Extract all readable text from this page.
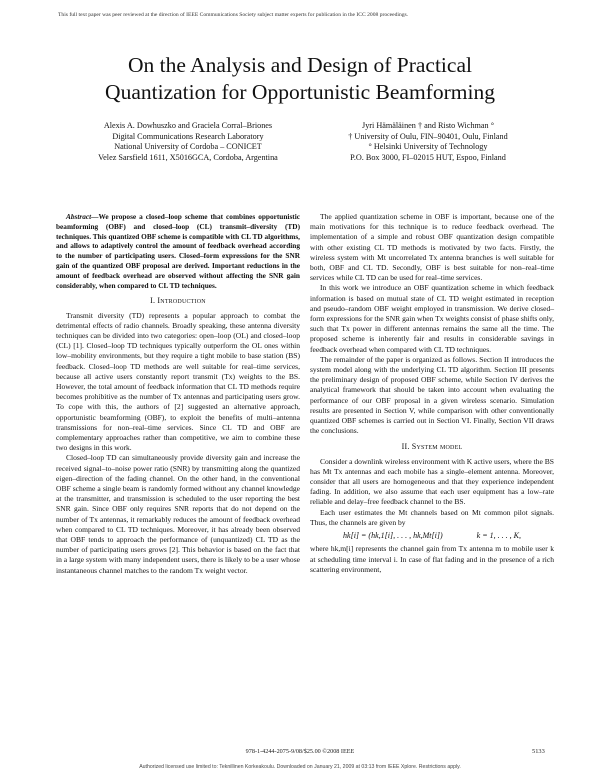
This full text paper was peer reviewed at the direction of IEEE Communications Society subject matter experts for publication in the ICC 2008 proceedings.
On the Analysis and Design of Practical
Quantization for Opportunistic Beamforming
Alexis A. Dowhuszko and Graciela Corral–Briones
Digital Communications Research Laboratory
National University of Cordoba – CONICET
Velez Sarsfield 1611, X5016GCA, Cordoba, Argentina
Jyri Hämäläinen † and Risto Wichman °
† University of Oulu, FIN–90401, Oulu, Finland
° Helsinki University of Technology
P.O. Box 3000, FI–02015 HUT, Espoo, Finland

Abstract—We propose a closed–loop scheme that combines opportunistic beamforming (OBF) and closed–loop (CL) transmit–diversity (TD) techniques. This quantized OBF scheme is compatible with CL TD algorithms, and allows to adaptively control the amount of feedback overhead according to the number of participating users. Closed–form expressions for the SNR gain of the quantized OBF proposal are derived. Important reductions in the amount of feedback overhead are observed without affecting the SNR gain considerably, when compared to CL TD techniques.

I. Introduction

Transmit diversity (TD) represents a popular approach to combat the detrimental effects of radio channels. Broadly speaking, these antenna diversity techniques can be divided into two categories: open–loop (OL) and closed–loop (CL) [1]. Closed–loop TD techniques typically outperform the OL ones within low–mobility environments, but they require a tight mobile to base station (BS) feedback. Closed–loop TD methods are well suitable for real–time services, because all active users constantly report transmit (Tx) weights to the BS. However, the total amount of feedback information that CL TD methods require becomes prohibitive as the number of Tx antennas and participating users grow. To cope with this, the authors of [2] suggested an alternative approach, opportunistic beamforming (OBF), to exploit the benefits of multi–antenna transmissions for non–real–time services. Since CL TD and OBF are complementary approaches rather than competitive, we aim to combine these two designs in this work.

Closed–loop TD can simultaneously provide diversity gain and increase the received signal–to–noise power ratio (SNR) by transmitting along the quantized eigen–direction of the fading channel. On the other hand, in the conventional OBF scheme a single beam is randomly formed without any channel knowledge at the transmitter, and transmission is scheduled to the user reporting the best SNR gain. Since OBF only requires SNR reports that do not depend on the number of Tx antennas, it remarkably reduces the amount of feedback overhead when compared to CL TD techniques. Moreover, it has already been observed that OBF tends to approach the performance of (unquantized) CL TD as the number of participating users grows [2]. This behavior is based on the fact that in a large system with many independent users, there is likely to be a user whose instantaneous channel matches to the random Tx weight vector.

The applied quantization scheme in OBF is important, because one of the main motivations for this technique is to reduce feedback overhead. The implementation of a simple and robust OBF quantization design compatible with other existing CL TD methods is motivated by two facts. Firstly, the wireless system with Mt uncorrelated Tx antenna branches is well suitable for both, OBF and CL TD. Secondly, OBF is best suitable for non–real–time services while CL TD can be used for real–time services.

In this work we introduce an OBF quantization scheme in which feedback information is based on mutual state of CL TD weight estimated in reception and pseudo–random OBF weight employed in transmission. We derive closed–form expressions for the SNR gain when Tx weights consist of phase shifts only, such that Tx power in different antennas remains the same all the time. The proposed scheme is inherently fair and results in considerable savings in feedback overhead when compared with CL TD techniques.

The remainder of the paper is organized as follows. Section II introduces the system model along with the underlying CL TD algorithm. Section III presents the preliminary design of proposed OBF scheme, while Section IV derives the analytical framework that should be taken into account when evaluating the performance of our OBF proposal in a given wireless scenario. Simulation results are presented in Section V, while comparison with other conventionally quantized OBF schemes is carried out in Section VI. Finally, Section VII draws the conclusions.

II. System model

Consider a downlink wireless environment with K active users, where the BS has Mt Tx antennas and each mobile has a single–element antenna. Moreover, consider that all users are homogeneous and that they experience independent fading. In addition, we also assume that each user equipment has a low–rate reliable and delay–free feedback channel to the BS.

Each user estimates the Mt channels based on Mt common pilot signals. Thus, the channels are given by

hk[i] = (hk,1[i], . . . , hk,Mt[i])	k = 1, . . . , K,

where hk,m[i] represents the channel gain from Tx antenna m to mobile user k at scheduling time interval i. In case of flat fading and in the presence of a rich scattering environment,

978-1-4244-2075-9/08/$25.00 ©2008 IEEE	5133
Authorized licensed use limited to: Teknillinen Korkeakoulu. Downloaded on January 21, 2009 at 03:13 from IEEE Xplore. Restrictions apply.
